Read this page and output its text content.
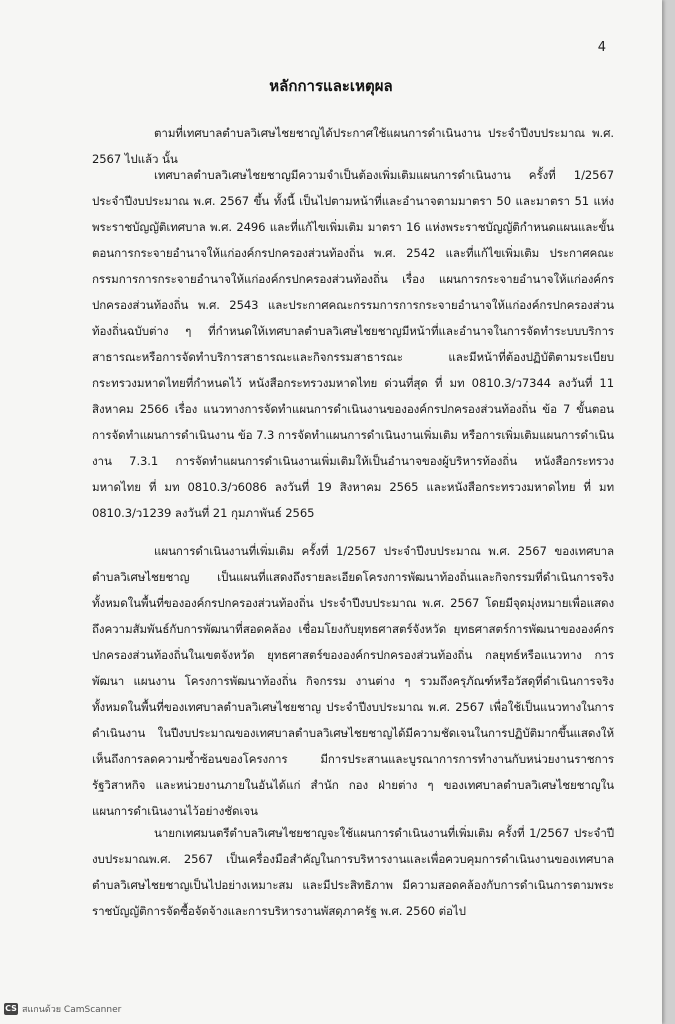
4
หลักการและเหตุผล
ตามที่เทศบาลตำบลวิเศษไชยชาญได้ประกาศใช้แผนการดำเนินงาน ประจำปีงบประมาณ พ.ศ. 2567 ไปแล้ว นั้น
เทศบาลตำบลวิเศษไชยชาญมีความจำเป็นต้องเพิ่มเติมแผนการดำเนินงาน ครั้งที่ 1/2567 ประจำปีงบประมาณ พ.ศ. 2567 ขึ้น ทั้งนี้ เป็นไปตามหน้าที่และอำนาจตามมาตรา 50 และมาตรา 51 แห่งพระราชบัญญัติเทศบาล พ.ศ. 2496 และที่แก้ไขเพิ่มเติม มาตรา 16 แห่งพระราชบัญญัติกำหนดแผนและขั้นตอนการกระจายอำนาจให้แก่องค์กรปกครองส่วนท้องถิ่น พ.ศ. 2542 และที่แก้ไขเพิ่มเติม ประกาศคณะกรรมการการกระจายอำนาจให้แก่องค์กรปกครองส่วนท้องถิ่น เรื่อง แผนการกระจายอำนาจให้แก่องค์กรปกครองส่วนท้องถิ่น พ.ศ. 2543 และประกาศคณะกรรมการการกระจายอำนาจให้แก่องค์กรปกครองส่วนท้องถิ่นฉบับต่าง ๆ ที่กำหนดให้เทศบาลตำบลวิเศษไชยชาญมีหน้าที่และอำนาจในการจัดทำระบบบริการสาธารณะหรือการจัดทำบริการสาธารณะและกิจกรรมสาธารณะ และมีหน้าที่ต้องปฏิบัติตามระเบียบกระทรวงมหาดไทยที่กำหนดไว้ หนังสือกระทรวงมหาดไทย ด่วนที่สุด ที่ มท 0810.3/ว7344 ลงวันที่ 11 สิงหาคม 2566 เรื่อง แนวทางการจัดทำแผนการดำเนินงานขององค์กรปกครองส่วนท้องถิ่น ข้อ 7 ขั้นตอนการจัดทำแผนการดำเนินงาน ข้อ 7.3 การจัดทำแผนการดำเนินงานเพิ่มเติม หรือการเพิ่มเติมแผนการดำเนินงาน 7.3.1 การจัดทำแผนการดำเนินงานเพิ่มเติมให้เป็นอำนาจของผู้บริหารท้องถิ่น หนังสือกระทรวงมหาดไทย ที่ มท 0810.3/ว6086 ลงวันที่ 19 สิงหาคม 2565 และหนังสือกระทรวงมหาดไทย ที่ มท 0810.3/ว1239 ลงวันที่ 21 กุมภาพันธ์ 2565
แผนการดำเนินงานที่เพิ่มเติม ครั้งที่ 1/2567 ประจำปีงบประมาณ พ.ศ. 2567 ของเทศบาลตำบลวิเศษไชยชาญ เป็นแผนที่แสดงถึงรายละเอียดโครงการพัฒนาท้องถิ่นและกิจกรรมที่ดำเนินการจริงทั้งหมดในพื้นที่ขององค์กรปกครองส่วนท้องถิ่น ประจำปีงบประมาณ พ.ศ. 2567 โดยมีจุดมุ่งหมายเพื่อแสดงถึงความสัมพันธ์กับการพัฒนาที่สอดคล้อง เชื่อมโยงกับยุทธศาสตร์จังหวัด ยุทธศาสตร์การพัฒนาขององค์กรปกครองส่วนท้องถิ่นในเขตจังหวัด ยุทธศาสตร์ขององค์กรปกครองส่วนท้องถิ่น กลยุทธ์หรือแนวทาง การพัฒนา แผนงาน โครงการพัฒนาท้องถิ่น กิจกรรม งานต่าง ๆ รวมถึงครุภัณฑ์หรือวัสดุที่ดำเนินการจริงทั้งหมดในพื้นที่ของเทศบาลตำบลวิเศษไชยชาญ ประจำปีงบประมาณ พ.ศ. 2567 เพื่อใช้เป็นแนวทางในการดำเนินงาน ในปีงบประมาณของเทศบาลตำบลวิเศษไชยชาญได้มีความชัดเจนในการปฏิบัติมากขึ้นแสดงให้เห็นถึงการลดความซ้ำซ้อนของโครงการ มีการประสานและบูรณาการการทำงานกับหน่วยงานราชการ รัฐวิสาหกิจ และหน่วยงานภายในอันได้แก่ สำนัก กอง ฝ่ายต่าง ๆ ของเทศบาลตำบลวิเศษไชยชาญในแผนการดำเนินงานไว้อย่างชัดเจน
นายกเทศมนตรีตำบลวิเศษไชยชาญจะใช้แผนการดำเนินงานที่เพิ่มเติม ครั้งที่ 1/2567 ประจำปีงบประมาณพ.ศ. 2567 เป็นเครื่องมือสำคัญในการบริหารงานและเพื่อควบคุมการดำเนินงานของเทศบาลตำบลวิเศษไชยชาญเป็นไปอย่างเหมาะสม และมีประสิทธิภาพ มีความสอดคล้องกับการดำเนินการตามพระราชบัญญัติการจัดซื้อจัดจ้างและการบริหารงานพัสดุภาครัฐ พ.ศ. 2560 ต่อไป
CS สแกนด้วย CamScanner
